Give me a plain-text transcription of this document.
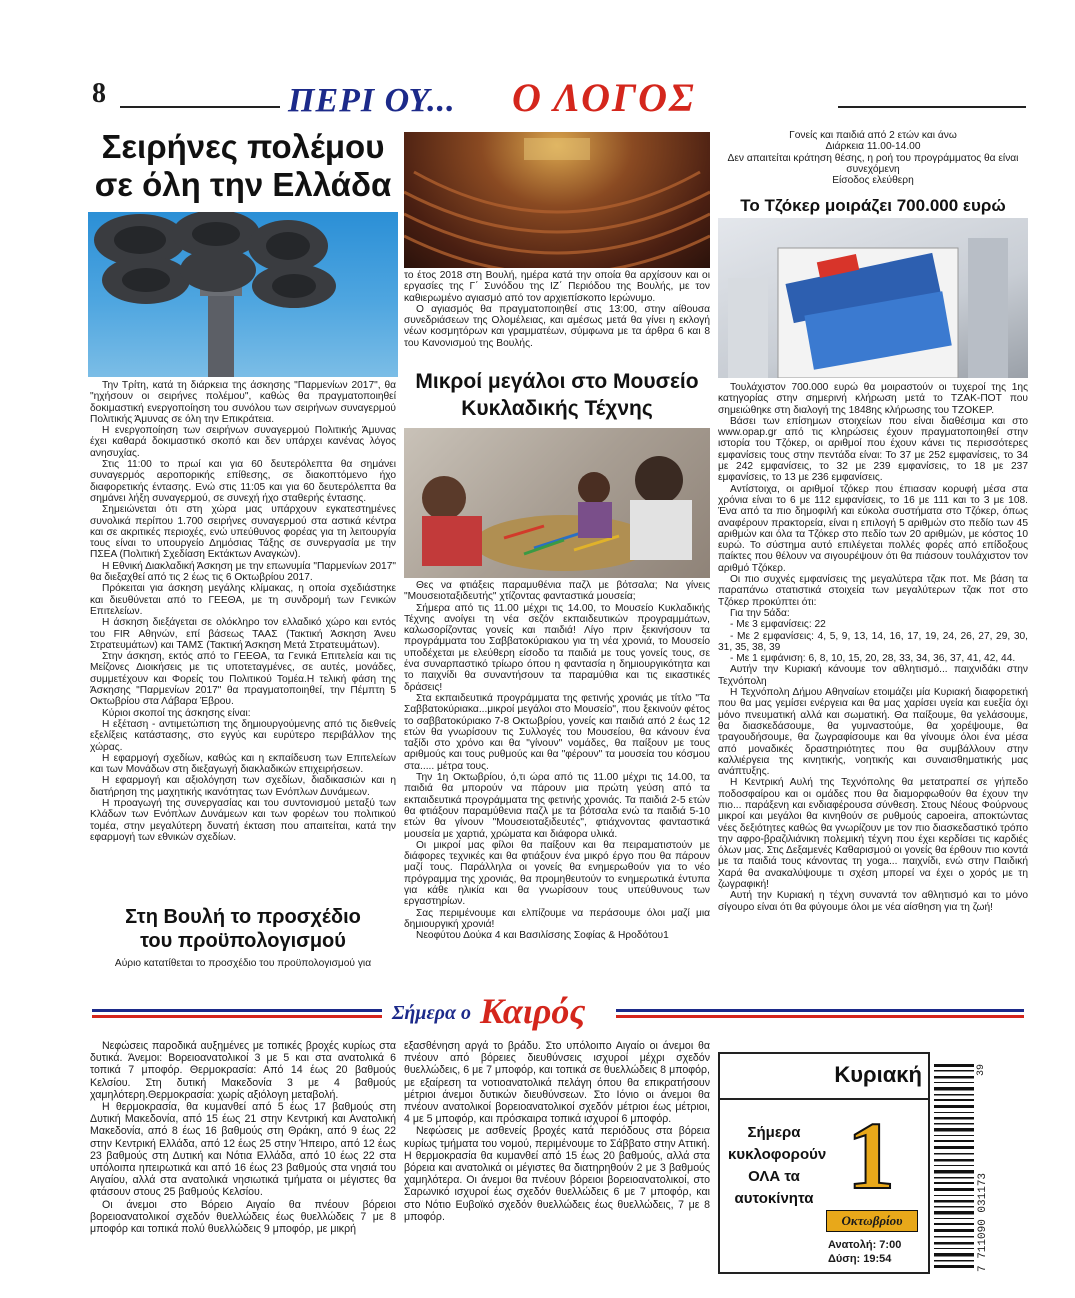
8	ΠΕΡΙ ΟΥ... Ο ΛΟΓΟΣ
Σειρήνες πολέμου
σε όλη την Ελλάδα

Την Τρίτη, κατά τη διάρκεια της άσκησης "Παρμενίων 2017", θα "ηχήσουν οι σειρήνες πολέμου", καθώς θα πραγματοποιηθεί δοκιμαστική ενεργοποίηση του συνόλου των σειρήνων συναγερμού Πολιτικής Άμυνας σε όλη την Επικράτεια.

Η ενεργοποίηση των σειρήνων συναγερμού Πολιτικής Άμυνας έχει καθαρά δοκιμαστικό σκοπό και δεν υπάρχει κανένας λόγος ανησυχίας.

Στις 11:00 το πρωί και για 60 δευτερόλεπτα θα σημάνει συναγερμός αεροπορικής επίθεσης, σε διακοπτόμενο ήχο διαφορετικής έντασης. Ενώ στις 11:05 και για 60 δευτερόλεπτα θα σημάνει λήξη συναγερμού, σε συνεχή ήχο σταθερής έντασης.

Σημειώνεται ότι στη χώρα μας υπάρχουν εγκατεστημένες συνολικά περίπου 1.700 σειρήνες συναγερμού στα αστικά κέντρα και σε ακριτικές περιοχές, ενώ υπεύθυνος φορέας για τη λειτουργία τους είναι το υπουργείο Δημόσιας Τάξης σε συνεργασία με την ΠΣΕΑ (Πολιτική Σχεδίαση Εκτάκτων Αναγκών).

Η Εθνική Διακλαδική Άσκηση με την επωνυμία "Παρμενίων 2017" θα διεξαχθεί από τις 2 έως τις 6 Οκτωβρίου 2017.

Πρόκειται για άσκηση μεγάλης κλίμακας, η οποία σχεδιάστηκε και διευθύνεται από το ΓΕΕΘΑ, με τη συνδρομή των Γενικών Επιτελείων.

Η άσκηση διεξάγεται σε ολόκληρο τον ελλαδικό χώρο και εντός του FIR Αθηνών, επί βάσεως ΤΑΑΣ (Τακτική Άσκηση Άνευ Στρατευμάτων) και ΤΑΜΣ (Τακτική Άσκηση Μετά Στρατευμάτων).

Στην άσκηση, εκτός από το ΓΕΕΘΑ, τα Γενικά Επιτελεία και τις Μείζονες Διοικήσεις με τις υποτεταγμένες, σε αυτές, μονάδες, συμμετέχουν και Φορείς του Πολιτικού Τομέα.Η τελική φάση της Άσκησης "Παρμενίων 2017" θα πραγματοποιηθεί, την Πέμπτη 5 Οκτωβρίου στα Λάβαρα Έβρου.

Κύριοι σκοποί της άσκησης είναι:

Η εξέταση - αντιμετώπιση της δημιουργούμενης από τις διεθνείς εξελίξεις κατάστασης, στο εγγύς και ευρύτερο περιβάλλον της χώρας.

Η εφαρμογή σχεδίων, καθώς και η εκπαίδευση των Επιτελείων και των Μονάδων στη διεξαγωγή διακλαδικών επιχειρήσεων.

Η εφαρμογή και αξιολόγηση των σχεδίων, διαδικασιών και η διατήρηση της μαχητικής ικανότητας των Ενόπλων Δυνάμεων.

Η προαγωγή της συνεργασίας και του συντονισμού μεταξύ των Κλάδων των Ενόπλων Δυνάμεων και των φορέων του πολιτικού τομέα, στην μεγαλύτερη δυνατή έκταση που απαιτείται, κατά την εφαρμογή των εθνικών σχεδίων.

Στη Βουλή το προσχέδιο
του προϋπολογισμού
Αύριο κατατίθεται το προσχέδιο του προϋπολογισμού για

το έτος 2018 στη Βουλή, ημέρα κατά την οποία θα αρχίσουν και οι εργασίες της Γ΄ Συνόδου της ΙΖ΄ Περιόδου της Βουλής, με τον καθιερωμένο αγιασμό από τον αρχιεπίσκοπο Ιερώνυμο.

Ο αγιασμός θα πραγματοποιηθεί στις 13:00, στην αίθουσα συνεδριάσεων της Ολομέλειας, και αμέσως μετά θα γίνει η εκλογή νέων κοσμητόρων και γραμματέων, σύμφωνα με τα άρθρα 6 και 8 του Κανονισμού της Βουλής.

Μικροί μεγάλοι στο Μουσείο
Κυκλαδικής Τέχνης

Θες να φτιάξεις παραμυθένια παζλ με βότσαλα; Να γίνεις "Μουσειοταξιδευτής" χτίζοντας φανταστικά μουσεία;

Σήμερα από τις 11.00 μέχρι τις 14.00, το Μουσείο Κυκλαδικής Τέχνης ανοίγει τη νέα σεζόν εκπαιδευτικών προγραμμάτων, καλωσορίζοντας γονείς και παιδιά! Λίγο πριν ξεκινήσουν τα προγράμματα του Σαββατοκύριακου για τη νέα χρονιά, το Μουσείο υποδέχεται με ελεύθερη είσοδο τα παιδιά με τους γονείς τους, σε ένα συναρπαστικό τρίωρο όπου η φαντασία η δημιουργικότητα και το παιχνίδι θα συναντήσουν τα παραμύθια και τις εικαστικές δράσεις!

Στα εκπαιδευτικά προγράμματα της φετινής χρονιάς με τίτλο "Τα Σαββατοκύριακα...μικροί μεγάλοι στο Μουσείο", που ξεκινούν φέτος το σαββατοκύριακο 7-8 Οκτωβρίου, γονείς και παιδιά από 2 έως 12 ετών θα γνωρίσουν τις Συλλογές του Μουσείου, θα κάνουν ένα ταξίδι στο χρόνο και θα "γίνουν" νομάδες, θα παίξουν με τους αριθμούς και τους ρυθμούς και θα "φέρουν" τα μουσεία του κόσμου στα..... μέτρα τους.

Την 1η Οκτωβρίου, ό,τι ώρα από τις 11.00 μέχρι τις 14.00, τα παιδιά θα μπορούν να πάρουν μια πρώτη γεύση από τα εκπαιδευτικά προγράμματα της φετινής χρονιάς. Τα παιδιά 2-5 ετών θα φτιάξουν παραμύθενια παζλ με τα βότσαλα ενώ τα παιδιά 5-10 ετών θα γίνουν "Μουσειοταξιδευτές", φτιάχνοντας φανταστικά μουσεία με χαρτιά, χρώματα και διάφορα υλικά.

Οι μικροί μας φίλοι θα παίξουν και θα πειραματιστούν με διάφορες τεχνικές και θα φτιάξουν ένα μικρό έργο που θα πάρουν μαζί τους. Παράλληλα οι γονείς θα ενημερωθούν για το νέο πρόγραμμα της χρονιάς, θα προμηθευτούν το ενημερωτικά έντυπα για κάθε ηλικία και θα γνωρίσουν τους υπεύθυνους των εργαστηρίων.

Σας περιμένουμε και ελπίζουμε να περάσουμε όλοι μαζί μια δημιουργική χρονιά!

Νεοφύτου Δούκα 4 και Βασιλίσσης Σοφίας & Ηροδότου1

Γονείς και παιδιά από 2 ετών και άνω
Διάρκεια 11.00-14.00
Δεν απαιτείται κράτηση θέσης, η ροή του προγράμματος θα είναι συνεχόμενη
Είσοδος ελεύθερη
Το Τζόκερ μοιράζει 700.000 ευρώ

Τουλάχιστον 700.000 ευρώ θα μοιραστούν οι τυχεροί της 1ης κατηγορίας στην σημερινή κλήρωση μετά το ΤΖΑΚ-ΠΟΤ που σημειώθηκε στη διαλογή της 1848ης κλήρωσης του ΤΖΟΚΕΡ.

Βάσει των επίσημων στοιχείων που είναι διαθέσιμα και στο www.opap.gr από τις κληρώσεις έχουν πραγματοποιηθεί στην ιστορία του Τζόκερ, οι αριθμοί που έχουν κάνει τις περισσότερες εμφανίσεις τους στην πεντάδα είναι: Το 37 με 252 εμφανίσεις, το 34 με 242 εμφανίσεις, το 32 με 239 εμφανίσεις, το 18 με 237 εμφανίσεις, το 13 με 236 εμφανίσεις.

Αντίστοιχα, οι αριθμοί τζόκερ που έπιασαν κορυφή μέσα στα χρόνια είναι το 6 με 112 εμφανίσεις, το 16 με 111 και το 3 με 108. Ένα από τα πιο δημοφιλή και εύκολα συστήματα στο Τζόκερ, όπως αναφέρουν πρακτορεία, είναι η επιλογή 5 αριθμών στο πεδίο των 45 αριθμών και όλα τα Τζόκερ στο πεδίο των 20 αριθμών, με κόστος 10 ευρώ. Το σύστημα αυτό επιλέγεται πολλές φορές από επίδοξους παίκτες που θέλουν να σιγουρέψουν ότι θα πιάσουν τουλάχιστον τον αριθμό Τζόκερ.

Οι πιο συχνές εμφανίσεις της μεγαλύτερα τζακ ποτ. Με βάση τα παραπάνω στατιστικά στοιχεία των μεγαλύτερων τζακ ποτ στο Τζόκερ προκύπτει ότι:

Για την 5άδα:

- Με 3 εμφανίσεις: 22

- Με 2 εμφανίσεις: 4, 5, 9, 13, 14, 16, 17, 19, 24, 26, 27, 29, 30, 31, 35, 38, 39

- Με 1 εμφάνιση: 6, 8, 10, 15, 20, 28, 33, 34, 36, 37, 41, 42, 44.

Αυτήν την Κυριακή κάνουμε τον αθλητισμό... παιχνιδάκι στην Τεχνόπολη

Η Τεχνόπολη Δήμου Αθηναίων ετοιμάζει μία Κυριακή διαφορετική που θα μας γεμίσει ενέργεια και θα μας χαρίσει υγεία και ευεξία όχι μόνο πνευματική αλλά και σωματική. Θα παίξουμε, θα γελάσουμε, θα διασκεδάσουμε, θα γυμναστούμε, θα χορέψουμε, θα τραγουδήσουμε, θα ζωγραφίσουμε και θα γίνουμε όλοι ένα μέσα από μοναδικές δραστηριότητες που θα συμβάλλουν στην καλλιέργεια της κινητικής, νοητικής και συναισθηματικής μας ανάπτυξης.

Η Κεντρική Αυλή της Τεχνόπολης θα μετατραπεί σε γήπεδο ποδοσφαίρου και οι ομάδες που θα διαμορφωθούν θα έχουν την πιο... παράξενη και ενδιαφέρουσα σύνθεση. Στους Νέους Φούρνους μικροί και μεγάλοι θα κινηθούν σε ρυθμούς capoeira, αποκτώντας νέες δεξιότητες καθώς θα γνωρίζουν με τον πιο διασκεδαστικό τρόπο την αφρο-βραζιλιάνικη πολεμική τέχνη που έχει κερδίσει τις καρδιές όλων μας. Στις Δεξαμενές Καθαρισμού οι γονείς θα έρθουν πιο κοντά με τα παιδιά τους κάνοντας τη yoga... παιχνίδι, ενώ στην Παιδική Χαρά θα ανακαλύψουμε τι σχέση μπορεί να έχει ο χορός με τη ζωγραφική!

Αυτή την Κυριακή η τέχνη συναντά τον αθλητισμό και το μόνο σίγουρο είναι ότι θα φύγουμε όλοι με νέα αίσθηση για τη ζωή!

Σήμερα ο Καιρός

Νεφώσεις παροδικά αυξημένες με τοπικές βροχές κυρίως στα δυτικά. Άνεμοι: Βορειοανατολικοί 3 με 5 και στα ανατολικά 6 τοπικά 7 μποφόρ. Θερμοκρασία: Από 14 έως 20 βαθμούς Κελσίου. Στη δυτική Μακεδονία 3 με 4 βαθμούς χαμηλότερη.Θερμοκρασία: χωρίς αξιόλογη μεταβολή.

Η θερμοκρασία, θα κυμανθεί από 5 έως 17 βαθμούς στη Δυτική Μακεδονία, από 15 έως 21 στην Κεντρική και Ανατολική Μακεδονία, από 8 έως 16 βαθμούς στη Θράκη, από 9 έως 22 στην Κεντρική Ελλάδα, από 12 έως 25 στην Ήπειρο, από 12 έως 23 βαθμούς στη Δυτική και Νότια Ελλάδα, από 10 έως 22 στα υπόλοιπα ηπειρωτικά και από 16 έως 23 βαθμούς στα νησιά του Αιγαίου, αλλά στα ανατολικά νησιωτικά τμήματα οι μέγιστες θα φτάσουν στους 25 βαθμούς Κελσίου.

Οι άνεμοι στο Βόρειο Αιγαίο θα πνέουν βόρειοι βορειοανατολικοί σχεδόν θυελλώδεις έως θυελλώδεις 7 με 8 μποφόρ και τοπικά πολύ θυελλώδεις 9 μποφόρ, με μικρή

εξασθένηση αργά το βράδυ. Στο υπόλοιπο Αιγαίο οι άνεμοι θα πνέουν από βόρειες διευθύνσεις ισχυροί μέχρι σχεδόν θυελλώδεις, 6 με 7 μποφόρ, και τοπικά σε θυελλώδεις 8 μποφόρ, με εξαίρεση τα νοτιοανατολικά πελάγη όπου θα επικρατήσουν μέτριοι άνεμοι δυτικών διευθύνσεων. Στο Ιόνιο οι άνεμοι θα πνέουν ανατολικοί βορειοανατολικοί σχεδόν μέτριοι έως μέτριοι, 4 με 5 μποφόρ, και πρόσκαιρα τοπικά ισχυροί 6 μποφόρ.

Νεφώσεις με ασθενείς βροχές κατά περιόδους στα βόρεια κυρίως τμήματα του νομού, περιμένουμε το Σάββατο στην Αττική. Η θερμοκρασία θα κυμανθεί από 15 έως 20 βαθμούς, αλλά στα βόρεια και ανατολικά οι μέγιστες θα διατηρηθούν 2 με 3 βαθμούς χαμηλότερα. Οι άνεμοι θα πνέουν βόρειοι βορειοανατολικοί, στο Σαρωνικό ισχυροί έως σχεδόν θυελλώδεις 6 με 7 μποφόρ, και στο Νότιο Ευβοϊκό σχεδόν θυελλώδεις έως θυελλώδεις, 7 με 8 μποφόρ.

Κυριακή
Σήμερα
κυκλοφορούν
ΟΛΑ τα
αυτοκίνητα 1
Οκτωβρίου
Ανατολή: 7:00
Δύση: 19:54	7 711090 031173
39
